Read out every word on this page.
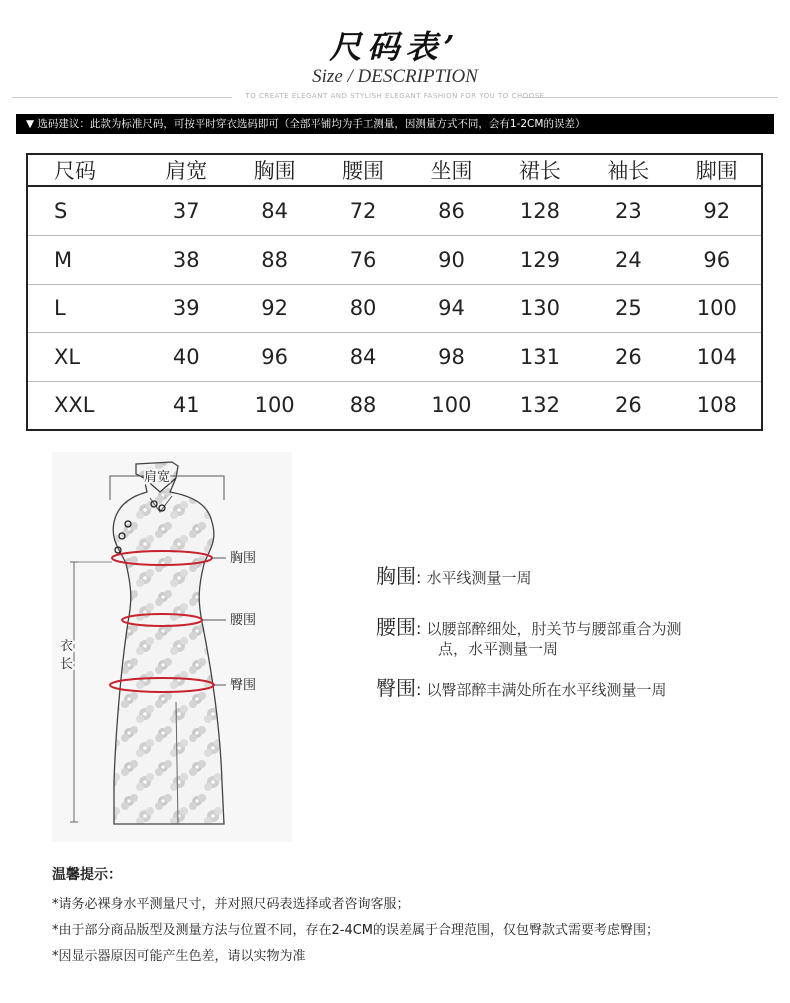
尺码表’
Size / DESCRIPTION
TO CREATE ELEGANT AND STYLISH ELEGANT FASHION FOR YOU TO CHOOSE
▼ 选码建议：此款为标准尺码，可按平时穿衣选码即可（全部平铺均为手工测量，因测量方式不同，会有1-2CM的误差）
尺码	肩宽	胸围	腰围	坐围	裙长	袖长	脚围
S	37	84	72	86	128	23	92
M	38	88	76	90	129	24	96
L	39	92	80	94	130	25	100
XL	40	96	84	98	131	26	104
XXL	41	100	88	100	132	26	108
肩宽
胸围
腰围
臀围
衣
长
胸围: 水平线测量一周
腰围: 以腰部醉细处，肘关节与腰部重合为测
点，水平测量一周
臀围: 以臀部醉丰满处所在水平线测量一周
温馨提示：
*请务必裸身水平测量尺寸，并对照尺码表选择或者咨询客服；
*由于部分商品版型及测量方法与位置不同，存在2-4CM的误差属于合理范围，仅包臀款式需要考虑臀围；
*因显示器原因可能产生色差，请以实物为准
